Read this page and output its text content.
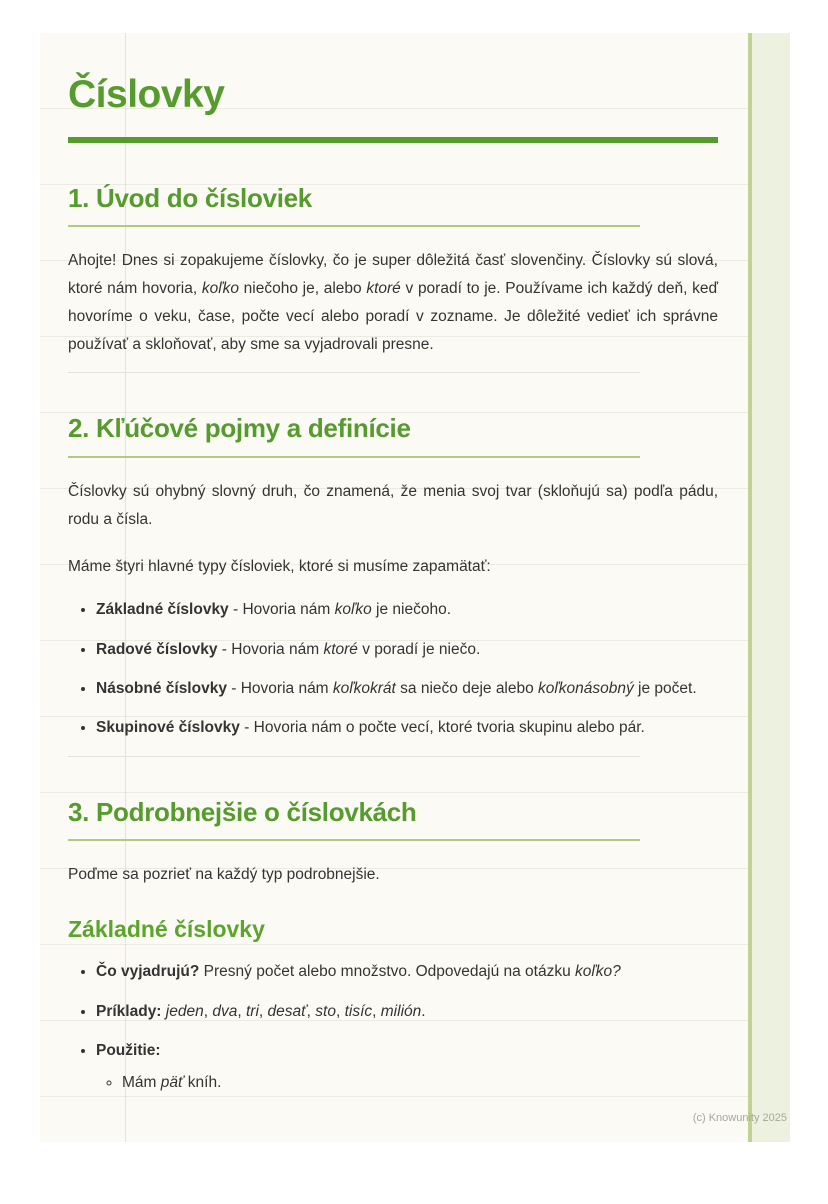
Číslovky
1. Úvod do čísloviek

Ahojte! Dnes si zopakujeme číslovky, čo je super dôležitá časť slovenčiny. Číslovky sú slová, ktoré nám hovoria, koľko niečoho je, alebo ktoré v poradí to je. Používame ich každý deň, keď hovoríme o veku, čase, počte vecí alebo poradí v zozname. Je dôležité vedieť ich správne používať a skloňovať, aby sme sa vyjadrovali presne.

2. Kľúčové pojmy a definície

Číslovky sú ohybný slovný druh, čo znamená, že menia svoj tvar (skloňujú sa) podľa pádu, rodu a čísla.

Máme štyri hlavné typy čísloviek, ktoré si musíme zapamätať:

• Základné číslovky - Hovoria nám koľko je niečoho.
• Radové číslovky - Hovoria nám ktoré v poradí je niečo.
• Násobné číslovky - Hovoria nám koľkokrát sa niečo deje alebo koľkonásobný je počet.
• Skupinové číslovky - Hovoria nám o počte vecí, ktoré tvoria skupinu alebo pár.
3. Podrobnejšie o číslovkách

Poďme sa pozrieť na každý typ podrobnejšie.

Základné číslovky
• Čo vyjadrujú? Presný počet alebo množstvo. Odpovedajú na otázku koľko?
• Príklady: jeden, dva, tri, desať, sto, tisíc, milión.
• Použitie:
◦ Mám päť kníh.
(c) Knowunity 2025
